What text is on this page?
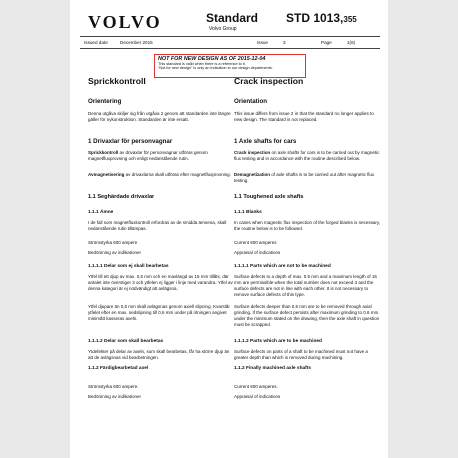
VOLVO	Standard
Volvo Group
STD 1013,355
Issued date	December 2015	Issue	3	Page	1(6)
NOT FOR NEW DESIGN AS OF 2015-12-04
This standard is valid when there is a reference to it.
"Not for new design" is only an indication to our design departments.
Sprickkontroll
Orientering

Denna utgåva skiljer sig från utgåva 2 genom att standarden inte längre gäller för nykonstruktion. Standarden är inte ersatt.

1 Drivaxlar för personvagnar

Sprickkontroll av drivaxlar för personvagnar utföras genom magnetfluxprovning och enligt nedanstående rutin.

Avmagnetisering av drivaxlarna skall utföras efter magnetfluxprovning.

1.1 Seghärdade drivaxlar
1.1.1 Ämne

I de fall som magnetfluxkontroll erfordras av de smidda ämnena, skall nedanstående rutin tillämpas.

Strömstyrka 600 ampere

Bedömning av indikationer

1.1.1.1 Delar som ej skall bearbetas

Ytfel till ett djup av max. 0,5 mm och en maxlängd av 15 mm tillåts, där antalet inte överstiger 3 och ytfelen ej ligger i linje med varandra. Ytfel av denna kategori är ej nödvändigt att avlägsna.

Ytfel djupare än 0,5 mm skall avlägsnas genom axiell slipning. Kvarstår ytfelet efter en max. nedslipning till 0,6 mm under på ritningen angivet minimått kasseras axeln.

1.1.1.2 Delar som skall bearbetas

Ytdefekter på delar av axeln, som skall bearbetas, får ha större djup än att de avlägsnas vid bearbetningen.

1.1.2 Färdigbearbetad axel

Strömstyrka 600 ampere.

Bedömning av indikationer

Crack inspection
Orientation

This issue differs from issue 2 in that the standard no longer applies to new design. The standard is not replaced.

1 Axle shafts for cars

Crack inspection on axle shafts for cars is to be carried out by magnetic flux testing and in accordance with the routine described below.

Demagnetization of axle shafts is to be carried out after magnetic flux testing.

1.1 Toughened axle shafts
1.1.1 Blanks

In cases when magnetic flux inspection of the forged blanks is necessary, the routine below is to be followed.

Current 600 amperes

Appraisal of indications

1.1.1.1 Parts which are not to be machined

Surface defects to a depth of max. 0.5 mm and a maximum length of 15 mm are permissible when the total number does not exceed 3 and the surface defects are not in line with each other. It is not necessary to remove surface defects of this type.

Surface defects deeper than 0.5 mm are to be removed through axial grinding. If the surface defect persists after maximum grinding to 0.6 mm under the minimum stated on the drawing, then the axle shaft in question must be scrapped.

1.1.1.2 Parts which are to be machined

Surface defects on parts of a shaft to be machined must not have a greater depth than which is removed during machining.

1.1.2 Finally machined axle shafts

Current 600 amperes.

Appraisal of indications
